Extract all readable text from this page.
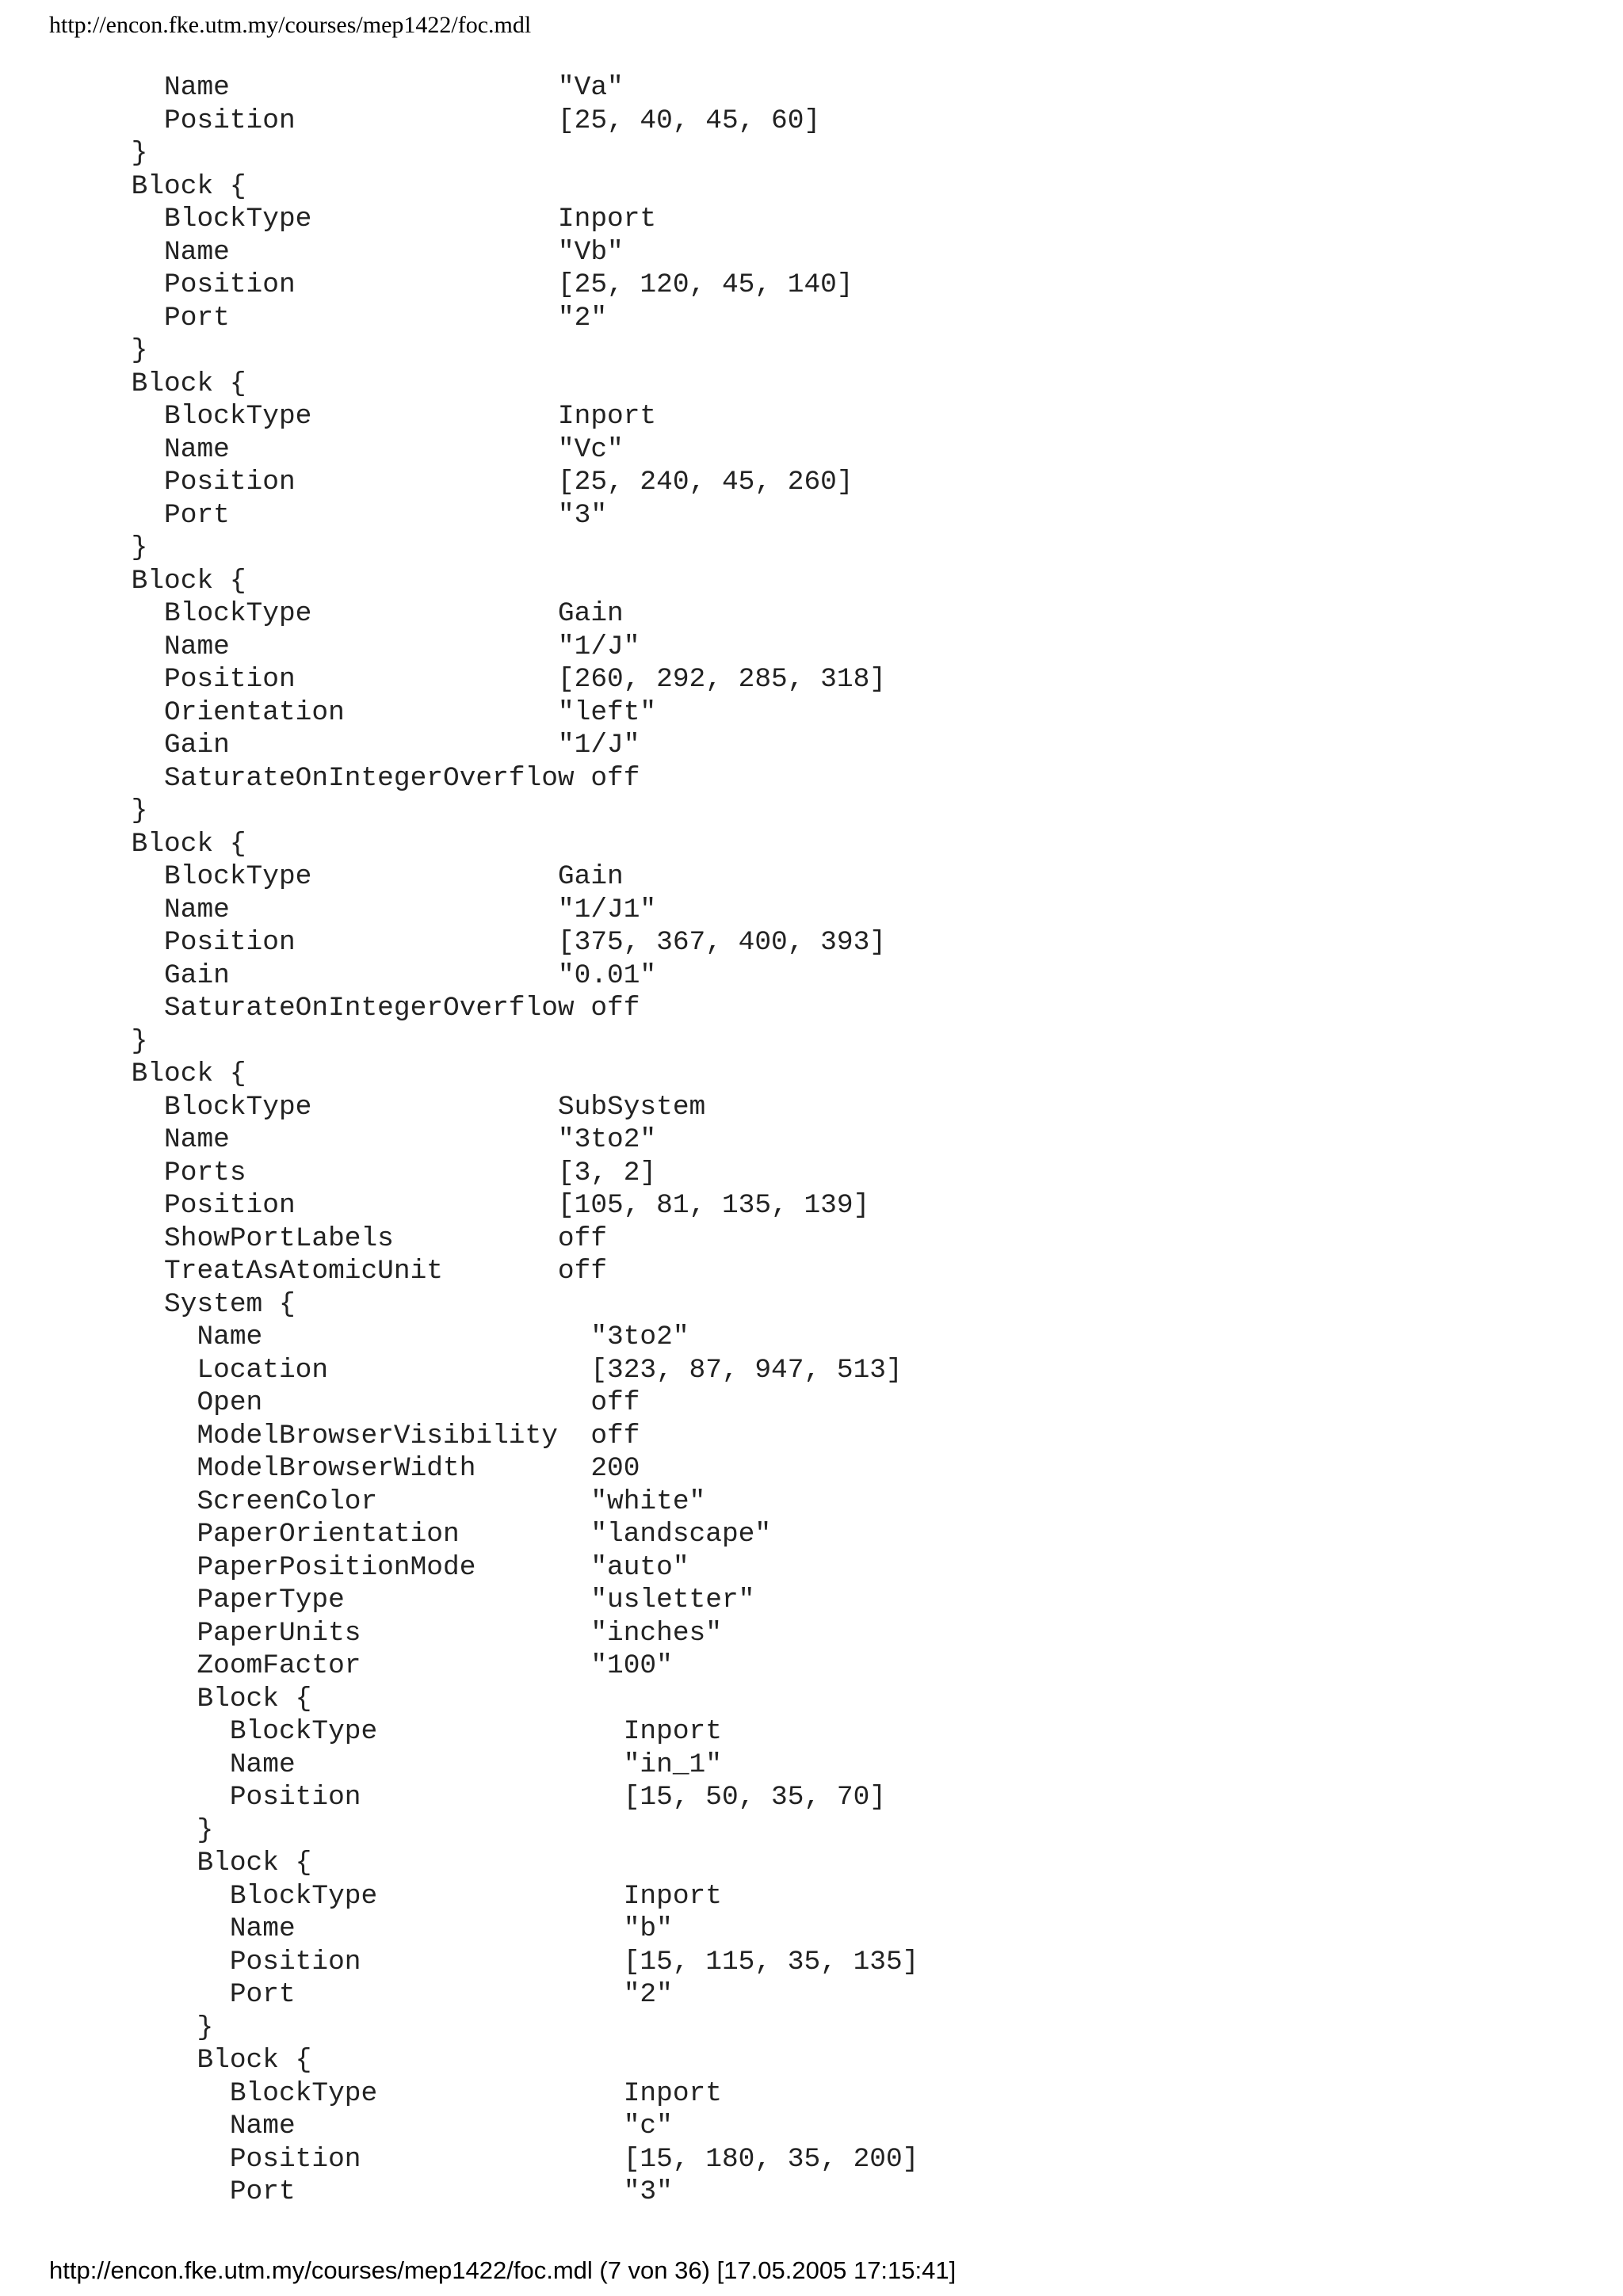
http://encon.fke.utm.my/courses/mep1422/foc.mdl
Name                    "Va"
Position                [25, 40, 45, 60]
}
Block {
BlockType               Inport
Name                    "Vb"
Position                [25, 120, 45, 140]
Port                    "2"
}
Block {
BlockType               Inport
Name                    "Vc"
Position                [25, 240, 45, 260]
Port                    "3"
}
Block {
BlockType               Gain
Name                    "1/J"
Position                [260, 292, 285, 318]
Orientation             "left"
Gain                    "1/J"
SaturateOnIntegerOverflow off
}
Block {
BlockType               Gain
Name                    "1/J1"
Position                [375, 367, 400, 393]
Gain                    "0.01"
SaturateOnIntegerOverflow off
}
Block {
BlockType               SubSystem
Name                    "3to2"
Ports                   [3, 2]
Position                [105, 81, 135, 139]
ShowPortLabels          off
TreatAsAtomicUnit       off
System {
Name                    "3to2"
Location                [323, 87, 947, 513]
Open                    off
ModelBrowserVisibility  off
ModelBrowserWidth       200
ScreenColor             "white"
PaperOrientation        "landscape"
PaperPositionMode       "auto"
PaperType               "usletter"
PaperUnits              "inches"
ZoomFactor              "100"
Block {
BlockType               Inport
Name                    "in_1"
Position                [15, 50, 35, 70]
}
Block {
BlockType               Inport
Name                    "b"
Position                [15, 115, 35, 135]
Port                    "2"
}
Block {
BlockType               Inport
Name                    "c"
Position                [15, 180, 35, 200]
Port                    "3"
http://encon.fke.utm.my/courses/mep1422/foc.mdl (7 von 36) [17.05.2005 17:15:41]
